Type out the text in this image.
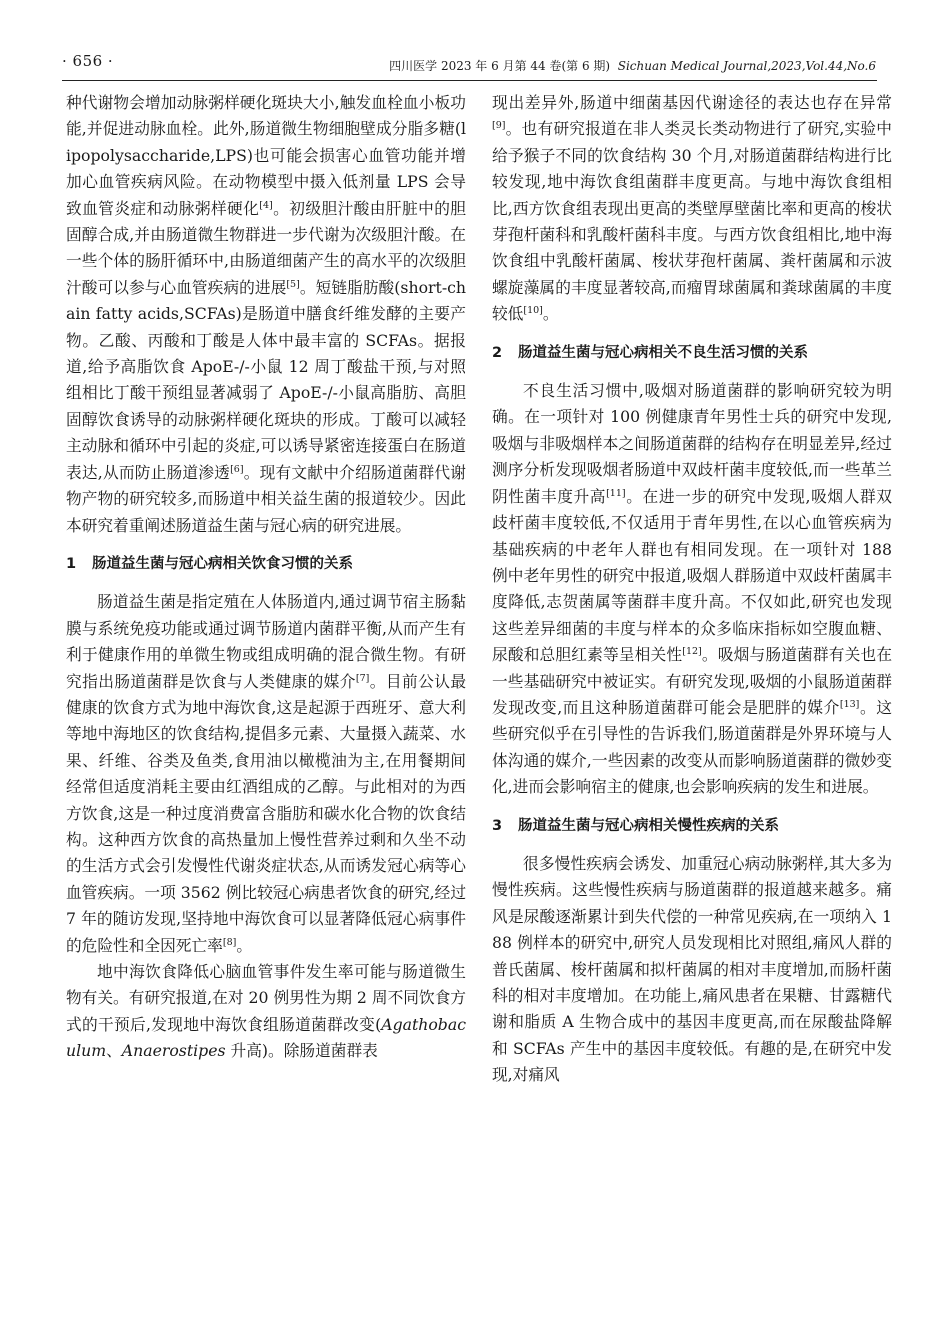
· 656 ·	四川医学 2023 年 6 月第 44 卷(第 6 期) Sichuan Medical Journal,2023,Vol.44,No.6

种代谢物会增加动脉粥样硬化斑块大小,触发血栓血小板功能,并促进动脉血栓。此外,肠道微生物细胞壁成分脂多糖(lipopolysaccharide,LPS)也可能会损害心血管功能并增加心血管疾病风险。在动物模型中摄入低剂量 LPS 会导致血管炎症和动脉粥样硬化[4]。初级胆汁酸由肝脏中的胆固醇合成,并由肠道微生物群进一步代谢为次级胆汁酸。在一些个体的肠肝循环中,由肠道细菌产生的高水平的次级胆汁酸可以参与心血管疾病的进展[5]。短链脂肪酸(short-chain fatty acids,SCFAs)是肠道中膳食纤维发酵的主要产物。乙酸、丙酸和丁酸是人体中最丰富的 SCFAs。据报道,给予高脂饮食 ApoE-/-小鼠 12 周丁酸盐干预,与对照组相比丁酸干预组显著减弱了 ApoE-/-小鼠高脂肪、高胆固醇饮食诱导的动脉粥样硬化斑块的形成。丁酸可以减轻主动脉和循环中引起的炎症,可以诱导紧密连接蛋白在肠道表达,从而防止肠道渗透[6]。现有文献中介绍肠道菌群代谢物产物的研究较多,而肠道中相关益生菌的报道较少。因此本研究着重阐述肠道益生菌与冠心病的研究进展。

1 肠道益生菌与冠心病相关饮食习惯的关系

肠道益生菌是指定殖在人体肠道内,通过调节宿主肠黏膜与系统免疫功能或通过调节肠道内菌群平衡,从而产生有利于健康作用的单微生物或组成明确的混合微生物。有研究指出肠道菌群是饮食与人类健康的媒介[7]。目前公认最健康的饮食方式为地中海饮食,这是起源于西班牙、意大利等地中海地区的饮食结构,提倡多元素、大量摄入蔬菜、水果、纤维、谷类及鱼类,食用油以橄榄油为主,在用餐期间经常但适度消耗主要由红酒组成的乙醇。与此相对的为西方饮食,这是一种过度消费富含脂肪和碳水化合物的饮食结构。这种西方饮食的高热量加上慢性营养过剩和久坐不动的生活方式会引发慢性代谢炎症状态,从而诱发冠心病等心血管疾病。一项 3562 例比较冠心病患者饮食的研究,经过 7 年的随访发现,坚持地中海饮食可以显著降低冠心病事件的危险性和全因死亡率[8]。

地中海饮食降低心脑血管事件发生率可能与肠道微生物有关。有研究报道,在对 20 例男性为期 2 周不同饮食方式的干预后,发现地中海饮食组肠道菌群改变(Agathobaculum、Anaerostipes 升高)。除肠道菌群表

现出差异外,肠道中细菌基因代谢途径的表达也存在异常[9]。也有研究报道在非人类灵长类动物进行了研究,实验中给予猴子不同的饮食结构 30 个月,对肠道菌群结构进行比较发现,地中海饮食组菌群丰度更高。与地中海饮食组相比,西方饮食组表现出更高的类壁厚壁菌比率和更高的梭状芽孢杆菌科和乳酸杆菌科丰度。与西方饮食组相比,地中海饮食组中乳酸杆菌属、梭状芽孢杆菌属、粪杆菌属和示波螺旋藻属的丰度显著较高,而瘤胃球菌属和粪球菌属的丰度较低[10]。

2 肠道益生菌与冠心病相关不良生活习惯的关系

不良生活习惯中,吸烟对肠道菌群的影响研究较为明确。在一项针对 100 例健康青年男性士兵的研究中发现,吸烟与非吸烟样本之间肠道菌群的结构存在明显差异,经过测序分析发现吸烟者肠道中双歧杆菌丰度较低,而一些革兰阴性菌丰度升高[11]。在进一步的研究中发现,吸烟人群双歧杆菌丰度较低,不仅适用于青年男性,在以心血管疾病为基础疾病的中老年人群也有相同发现。在一项针对 188 例中老年男性的研究中报道,吸烟人群肠道中双歧杆菌属丰度降低,志贺菌属等菌群丰度升高。不仅如此,研究也发现这些差异细菌的丰度与样本的众多临床指标如空腹血糖、尿酸和总胆红素等呈相关性[12]。吸烟与肠道菌群有关也在一些基础研究中被证实。有研究发现,吸烟的小鼠肠道菌群发现改变,而且这种肠道菌群可能会是肥胖的媒介[13]。这些研究似乎在引导性的告诉我们,肠道菌群是外界环境与人体沟通的媒介,一些因素的改变从而影响肠道菌群的微妙变化,进而会影响宿主的健康,也会影响疾病的发生和进展。

3 肠道益生菌与冠心病相关慢性疾病的关系

很多慢性疾病会诱发、加重冠心病动脉粥样,其大多为慢性疾病。这些慢性疾病与肠道菌群的报道越来越多。痛风是尿酸逐渐累计到失代偿的一种常见疾病,在一项纳入 188 例样本的研究中,研究人员发现相比对照组,痛风人群的普氏菌属、梭杆菌属和拟杆菌属的相对丰度增加,而肠杆菌科的相对丰度增加。在功能上,痛风患者在果糖、甘露糖代谢和脂质 A 生物合成中的基因丰度更高,而在尿酸盐降解和 SCFAs 产生中的基因丰度较低。有趣的是,在研究中发现,对痛风
